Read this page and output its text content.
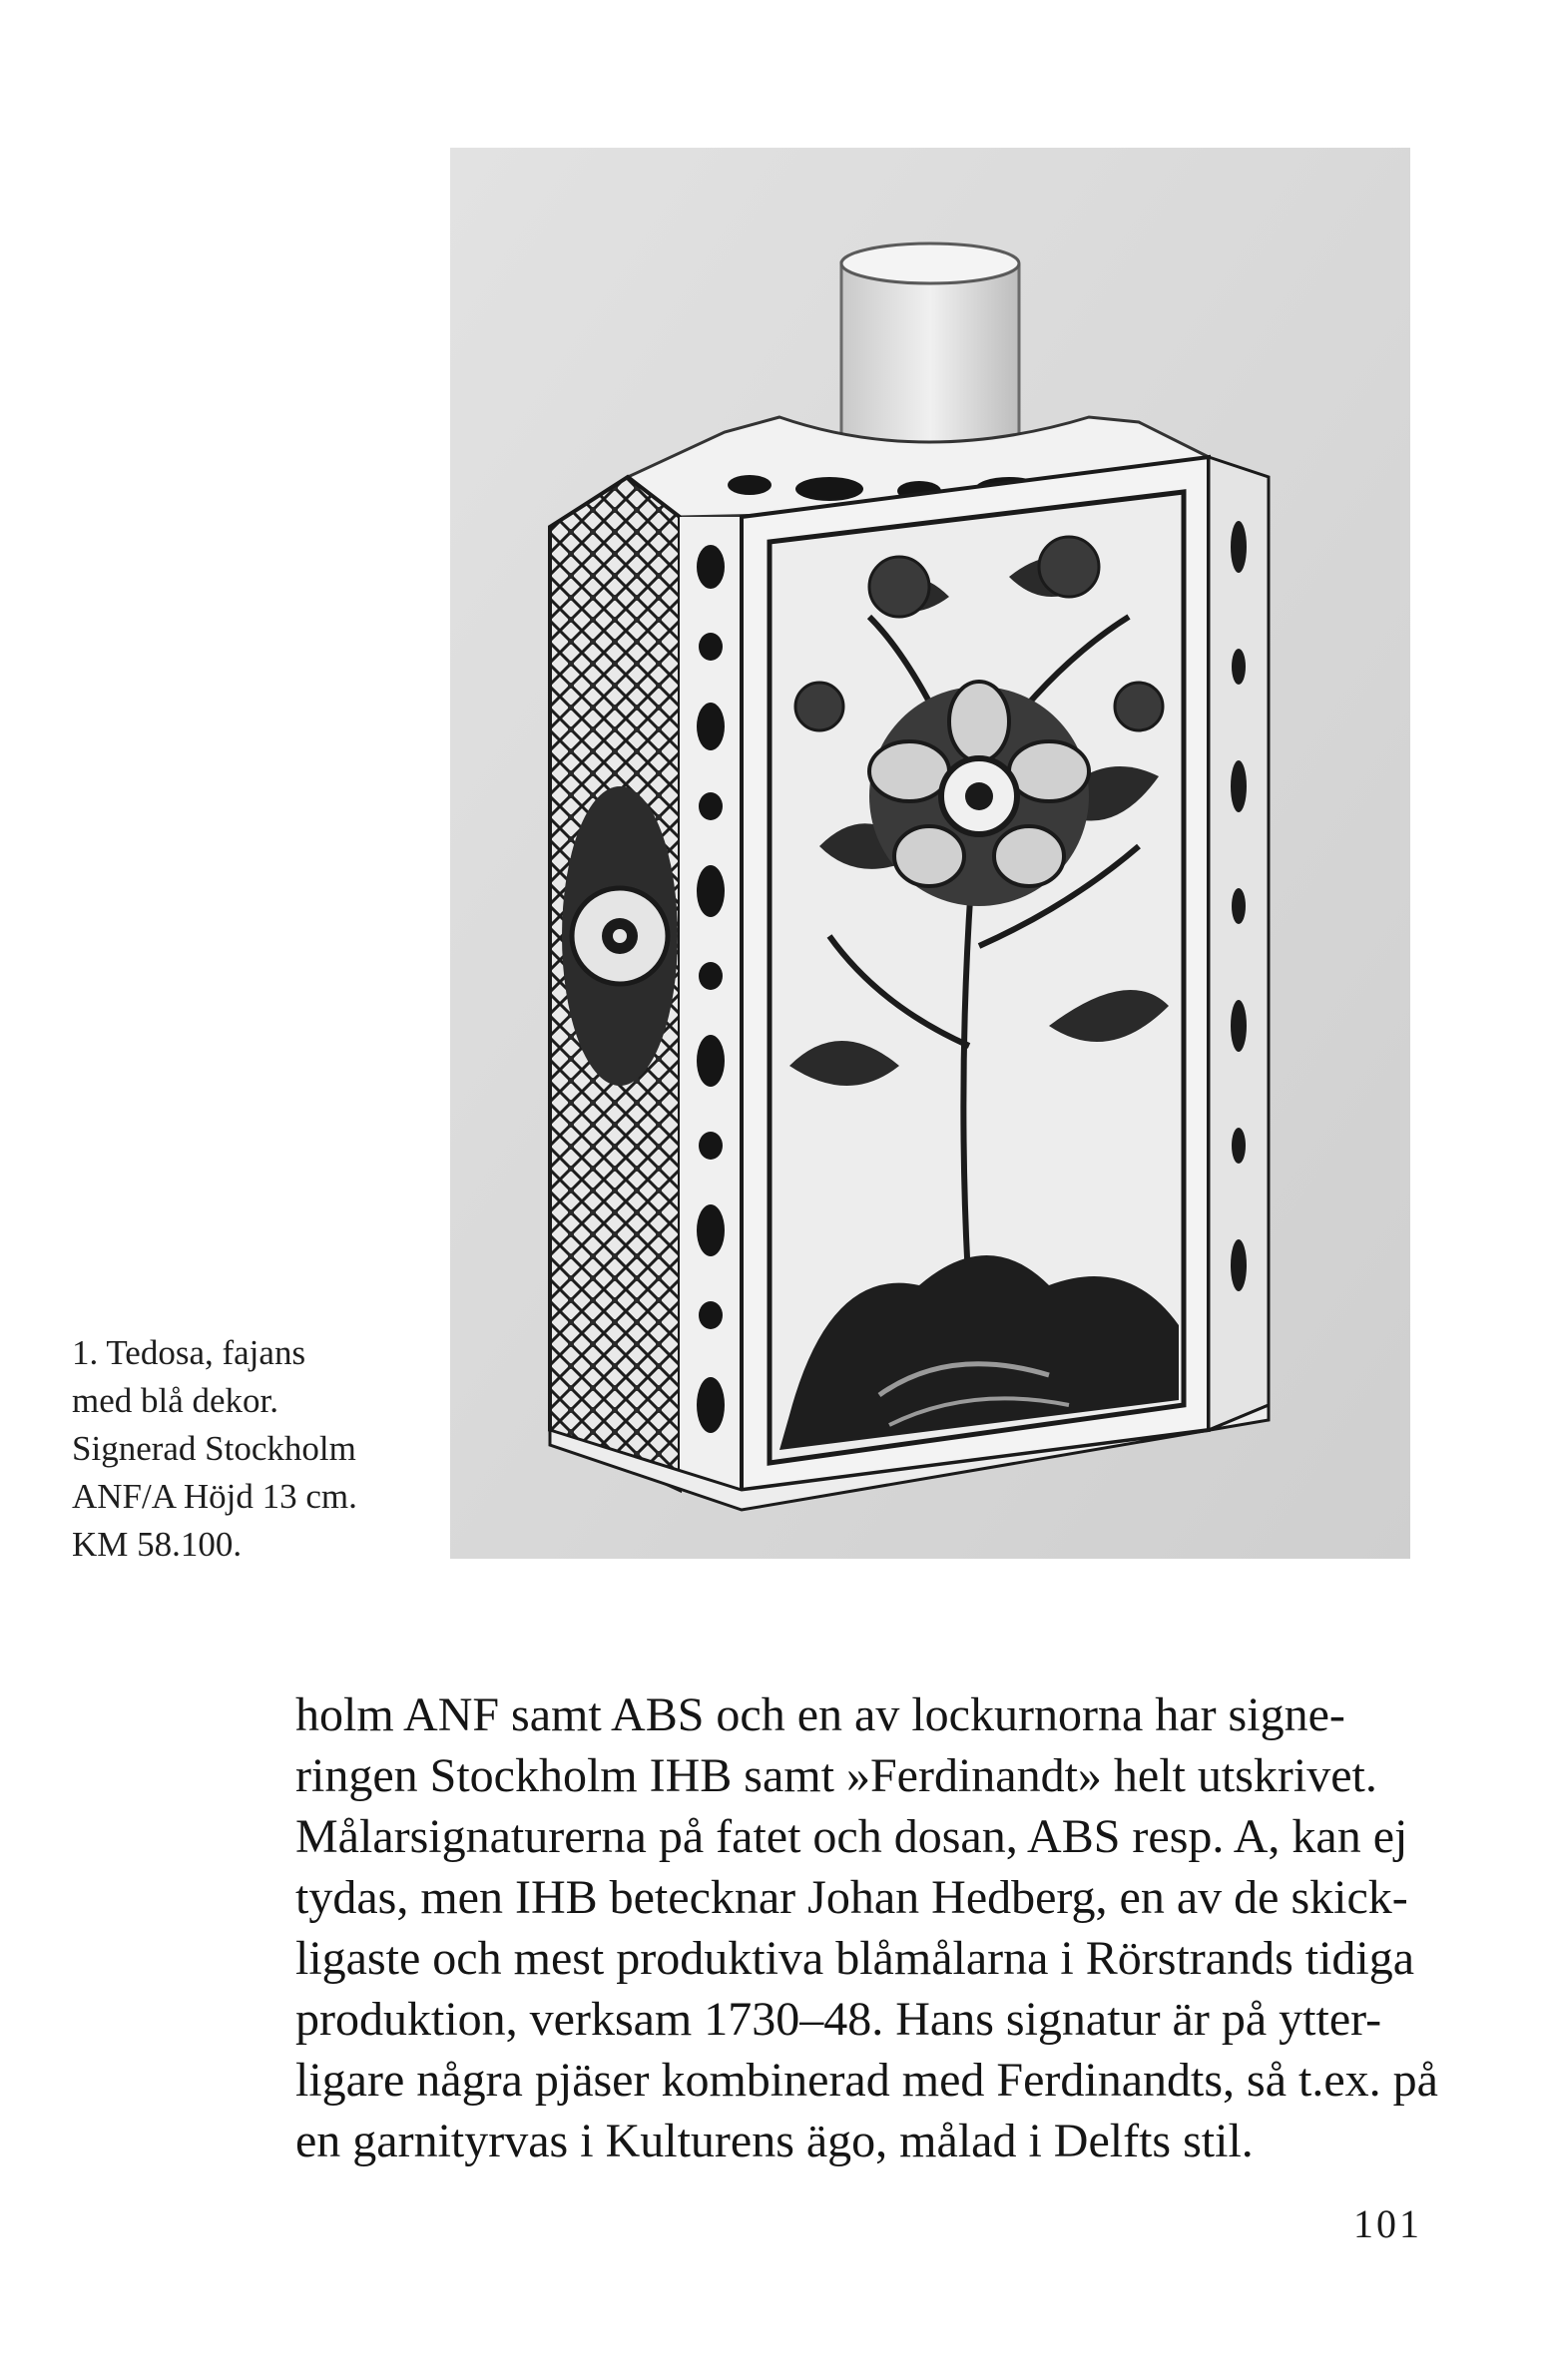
1. Tedosa, fajans
med blå dekor.
Signerad Stockholm
ANF/A Höjd 13 cm.
KM 58.100.
holm ANF samt ABS och en av lockurnorna har signe-
ringen Stockholm IHB samt »Ferdinandt» helt utskrivet.
Målarsignaturerna på fatet och dosan, ABS resp. A, kan ej
tydas, men IHB betecknar Johan Hedberg, en av de skick-
ligaste och mest produktiva blåmålarna i Rörstrands tidiga
produktion, verksam 1730–48. Hans signatur är på ytter-
ligare några pjäser kombinerad med Ferdinandts, så t.ex. på
en garnityrvas i Kulturens ägo, målad i Delfts stil.
101
